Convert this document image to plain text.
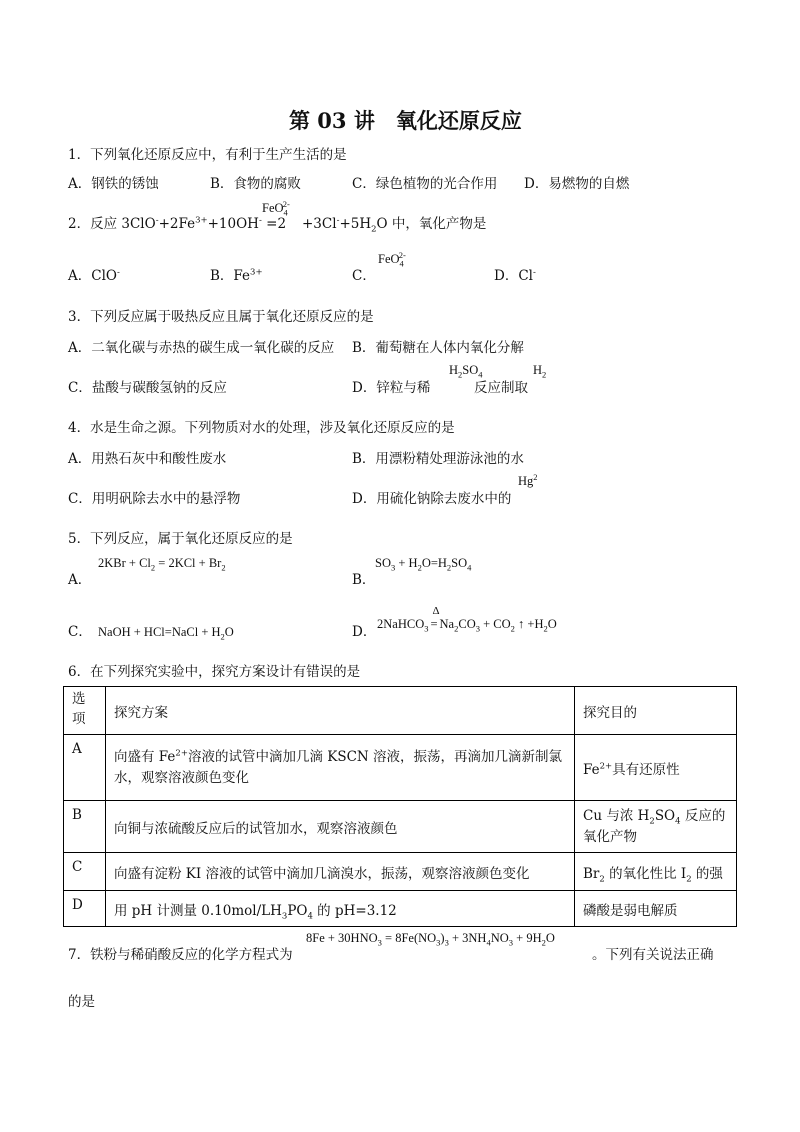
第 03 讲　氧化还原反应
1．下列氧化还原反应中，有利于生产生活的是
A．钢铁的锈蚀	B．食物的腐败	C．绿色植物的光合作用 D．易燃物的自燃
2．反应 $3ClO^-+2Fe^{3+}+10OH^- =2$
FeO$_4^{2-}$
$+3Cl^-+5H_2O$ 中，氧化产物是
A．ClO-	B．$Fe^{3+}$	C．
FeO$_4^{2-}$
D．Cl-
3．下列反应属于吸热反应且属于氧化还原反应的是
A．二氧化碳与赤热的碳生成一氧化碳的反应 B．葡萄糖在人体内氧化分解
C．盐酸与碳酸氢钠的反应	D．锌粒与稀
$H_2SO_4$
反应制取
$H_2$
4．水是生命之源。下列物质对水的处理，涉及氧化还原反应的是
A．用熟石灰中和酸性废水	B．用漂粉精处理游泳池的水
C．用明矾除去水中的悬浮物	D．用硫化钠除去废水中的
Hg$^2$
5．下列反应，属于氧化还原反应的是
A．
$2KBr + Cl_2 = 2KCl + Br_2$
B．
$SO_3 + H_2O=H_2SO_4$
C． NaOH + HCl=NaCl + $H_2O$	D． 2NaHCO$_3$
Δ
= $Na_2CO_3 + CO_2$ ↑ $+H_2O$
6．在下列探究实验中，探究方案设计有错误的是
选项	探究方案	探究目的
A	向盛有 $Fe^{2+}$溶液的试管中滴加几滴 KSCN 溶液，振荡，再滴加几滴新制氯水，观察溶液颜色变化	$Fe^{2+}$具有还原性
B	向铜与浓硫酸反应后的试管加水，观察溶液颜色	Cu 与浓 $H_2SO_4$ 反应的氧化产物
C	向盛有淀粉 KI 溶液的试管中滴加几滴溴水，振荡，观察溶液颜色变化	$Br_2$ 的氧化性比 $I_2$ 的强
D	用 pH 计测量 $0.10mol/LH_3PO_4$ 的 pH=3.12	磷酸是弱电解质
7．铁粉与稀硝酸反应的化学方程式为
$8Fe + 30HNO_3 = 8Fe(NO_3)_3 + 3NH_4NO_3 + 9H_2O$
。下列有关说法正确
的是
